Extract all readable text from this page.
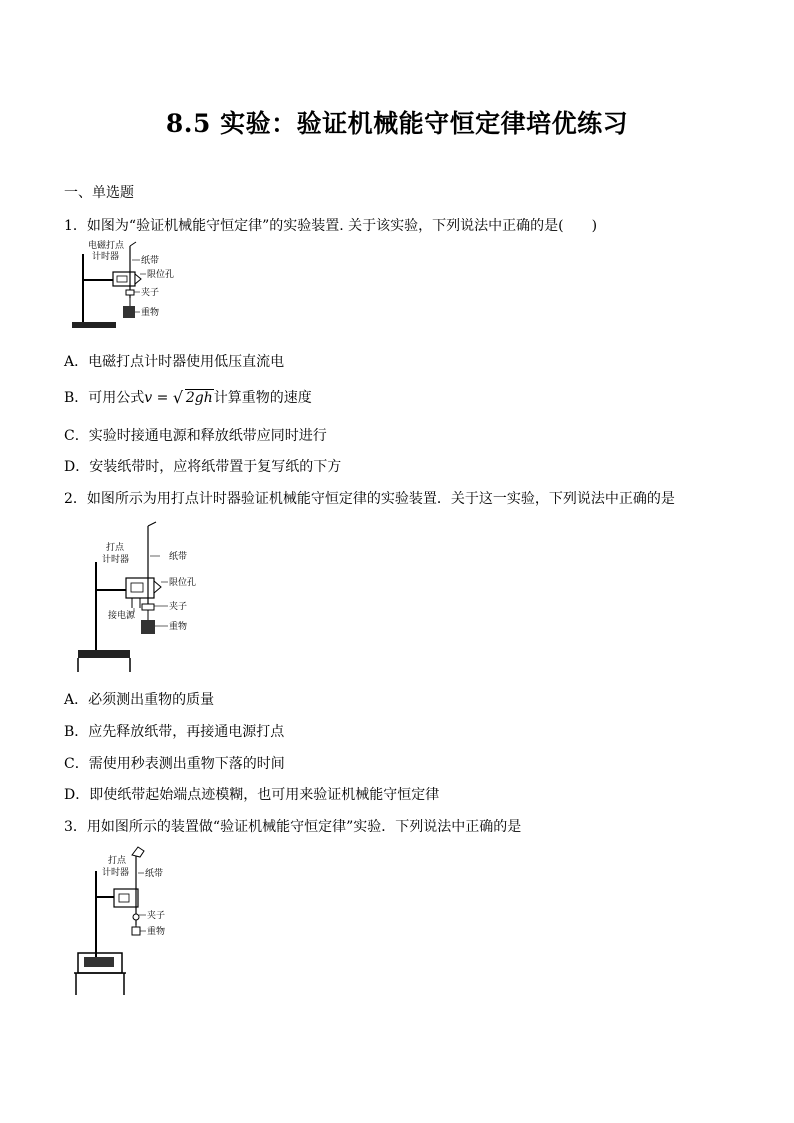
8.5 实验：验证机械能守恒定律培优练习
一、单选题
1．如图为“验证机械能守恒定律”的实验装置. 关于该实验，下列说法中正确的是(　　)
电磁打点
计时器 纸带
限位孔
夹子
重物
A．电磁打点计时器使用低压直流电
B．可用公式v = √ 2gh计算重物的速度
C．实验时接通电源和释放纸带应同时进行
D．安装纸带时，应将纸带置于复写纸的下方
2．如图所示为用打点计时器验证机械能守恒定律的实验装置．关于这一实验，下列说法中正确的是
打点
计时器	纸带
限位孔
接电源
夹子
重物
A．必须测出重物的质量
B．应先释放纸带，再接通电源打点
C．需使用秒表测出重物下落的时间
D．即使纸带起始端点迹模糊，也可用来验证机械能守恒定律
3．用如图所示的装置做“验证机械能守恒定律”实验．下列说法中正确的是
打点
计时器 纸带
夹子
重物
